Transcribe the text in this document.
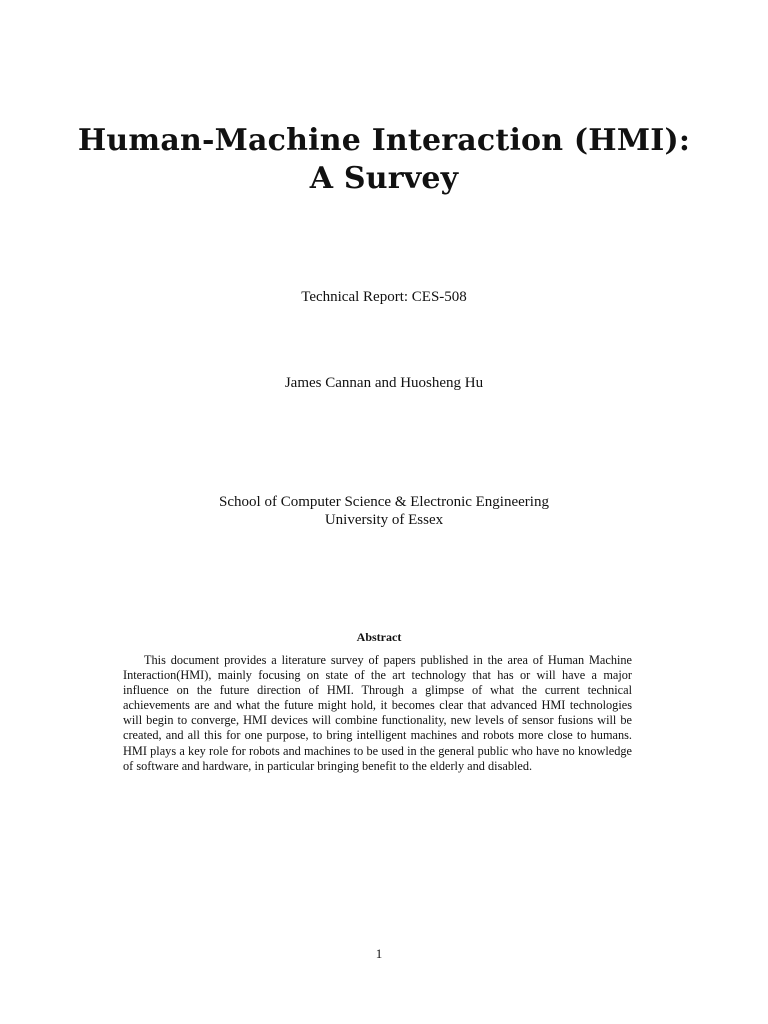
Human-Machine Interaction (HMI):
A Survey
Technical Report: CES-508
James Cannan and Huosheng Hu
School of Computer Science & Electronic Engineering
University of Essex
Abstract

This document provides a literature survey of papers published in the area of Human Machine Interaction(HMI), mainly focusing on state of the art technology that has or will have a major influence on the future direction of HMI. Through a glimpse of what the current technical achievements are and what the future might hold, it becomes clear that advanced HMI technologies will begin to converge, HMI devices will combine functionality, new levels of sensor fusions will be created, and all this for one purpose, to bring intelligent machines and robots more close to humans. HMI plays a key role for robots and machines to be used in the general public who have no knowledge of software and hardware, in particular bringing benefit to the elderly and disabled.

1
